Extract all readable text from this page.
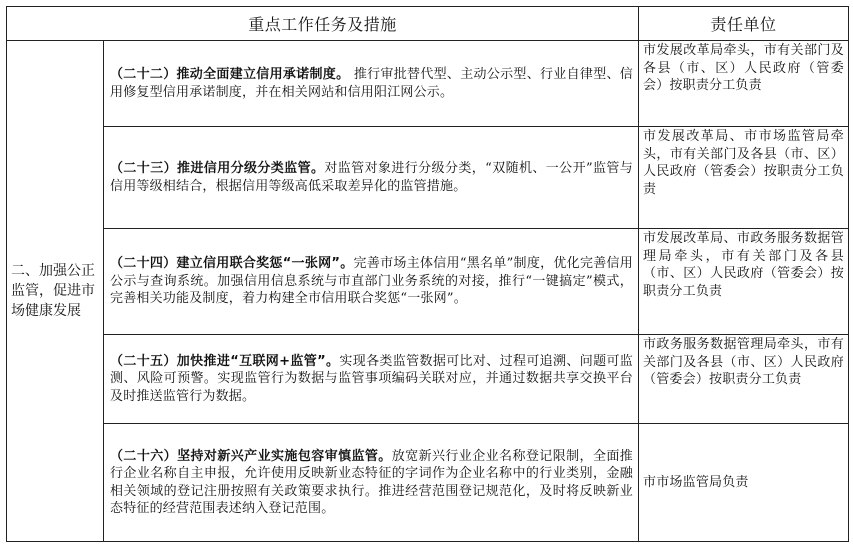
重点工作任务及措施		责任单位
二、加强公正监管，促进市场健康发展	（二十二）推动全面建立信用承诺制度。 推行审批替代型、主动公示型、行业自律型、信用修复型信用承诺制度，并在相关网站和信用阳江网公示。	市发展改革局牵头，市有关部门及各县（市、区）人民政府（管委会）按职责分工负责
	（二十三）推进信用分级分类监管。对监管对象进行分级分类，“双随机、一公开”监管与信用等级相结合，根据信用等级高低采取差异化的监管措施。	市发展改革局、市市场监管局牵头，市有关部门及各县（市、区）人民政府（管委会）按职责分工负责
	（二十四）建立信用联合奖惩“一张网”。完善市场主体信用“黑名单”制度，优化完善信用公示与查询系统。加强信用信息系统与市直部门业务系统的对接，推行“一键搞定”模式，完善相关功能及制度，着力构建全市信用联合奖惩“一张网”。	市发展改革局、市政务服务数据管理局牵头，市有关部门及各县（市、区）人民政府（管委会）按职责分工负责
	（二十五）加快推进“互联网+监管”。实现各类监管数据可比对、过程可追溯、问题可监测、风险可预警。实现监管行为数据与监管事项编码关联对应，并通过数据共享交换平台及时推送监管行为数据。	市政务服务数据管理局牵头，市有关部门及各县（市、区）人民政府（管委会）按职责分工负责
	（二十六）坚持对新兴产业实施包容审慎监管。放宽新兴行业企业名称登记限制，全面推行企业名称自主申报，允许使用反映新业态特征的字词作为企业名称中的行业类别，金融相关领域的登记注册按照有关政策要求执行。推进经营范围登记规范化，及时将反映新业态特征的经营范围表述纳入登记范围。	市市场监管局负责
